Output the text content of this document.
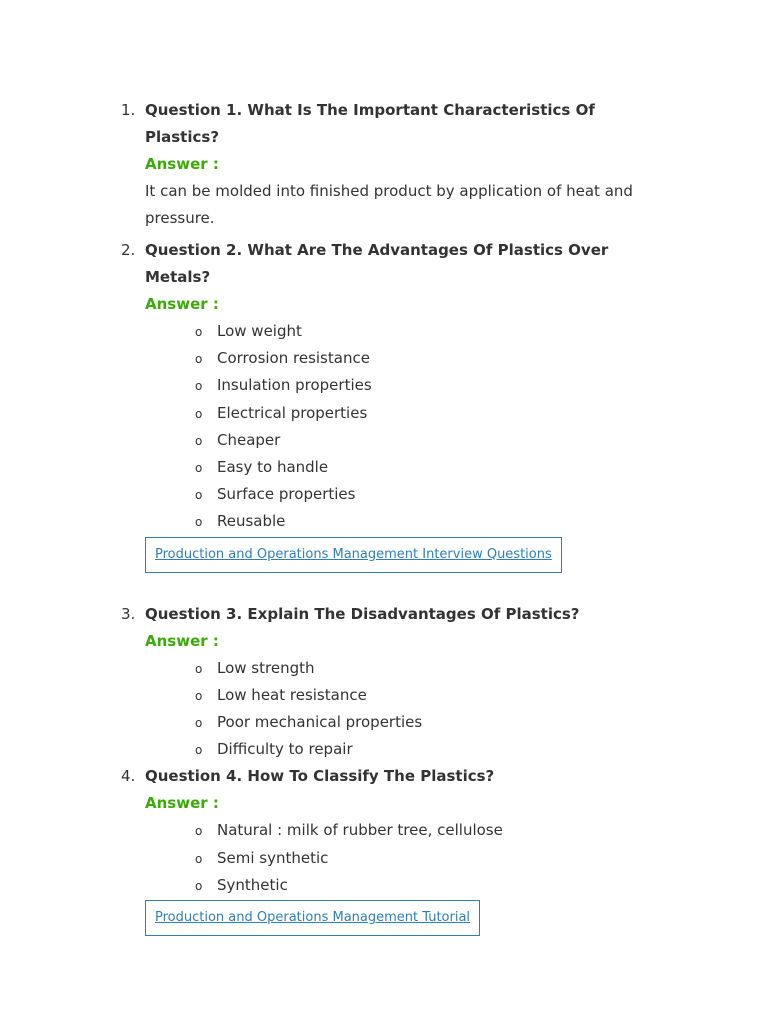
1. Question 1. What Is The Important Characteristics Of Plastics?

Answer :
It can be molded into finished product by application of heat and pressure.
2. Question 2. What Are The Advantages Of Plastics Over Metals?

Answer :
o Low weight
o Corrosion resistance
o Insulation properties
o Electrical properties
o Cheaper
o Easy to handle
o Surface properties
o Reusable
Production and Operations Management Interview Questions
3. Question 3. Explain The Disadvantages Of Plastics?

Answer :
o Low strength
o Low heat resistance
o Poor mechanical properties
o Difficulty to repair
4. Question 4. How To Classify The Plastics?

Answer :
o Natural : milk of rubber tree, cellulose
o Semi synthetic
o Synthetic
Production and Operations Management Tutorial
